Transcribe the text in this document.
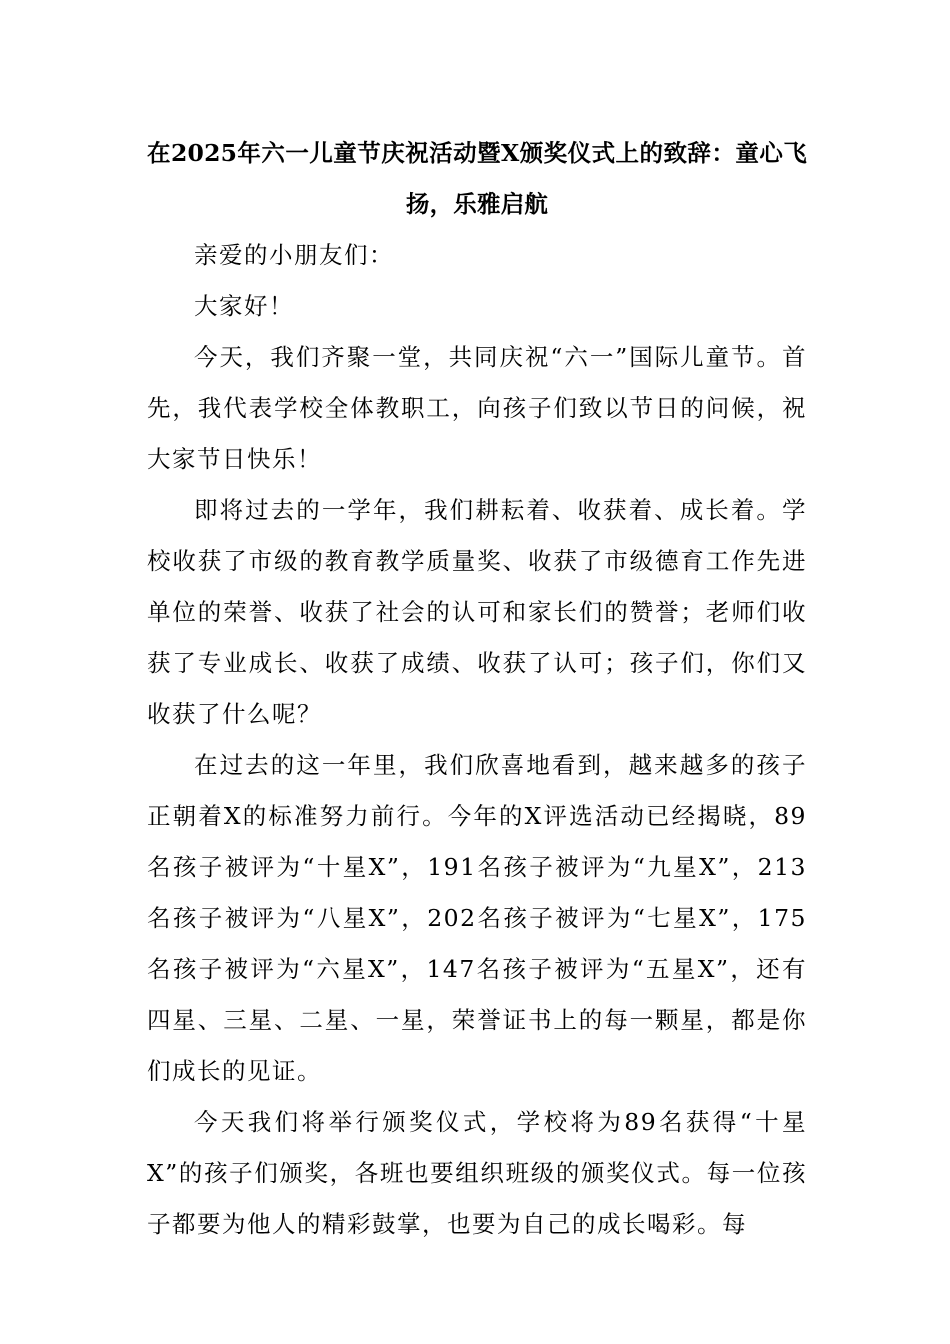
在2025年六一儿童节庆祝活动暨X颁奖仪式上的致辞：童心飞扬，乐雅启航

亲爱的小朋友们：

大家好！

今天，我们齐聚一堂，共同庆祝“六一”国际儿童节。首先，我代表学校全体教职工，向孩子们致以节日的问候，祝大家节日快乐！

即将过去的一学年，我们耕耘着、收获着、成长着。学校收获了市级的教育教学质量奖、收获了市级德育工作先进单位的荣誉、收获了社会的认可和家长们的赞誉；老师们收获了专业成长、收获了成绩、收获了认可；孩子们，你们又收获了什么呢？

在过去的这一年里，我们欣喜地看到，越来越多的孩子正朝着X的标准努力前行。今年的X评选活动已经揭晓，89名孩子被评为“十星X”，191名孩子被评为“九星X”，213名孩子被评为“八星X”，202名孩子被评为“七星X”，175名孩子被评为“六星X”，147名孩子被评为“五星X”，还有四星、三星、二星、一星，荣誉证书上的每一颗星，都是你们成长的见证。

今天我们将举行颁奖仪式，学校将为89名获得“十星X”的孩子们颁奖，各班也要组织班级的颁奖仪式。每一位孩子都要为他人的精彩鼓掌，也要为自己的成长喝彩。每
